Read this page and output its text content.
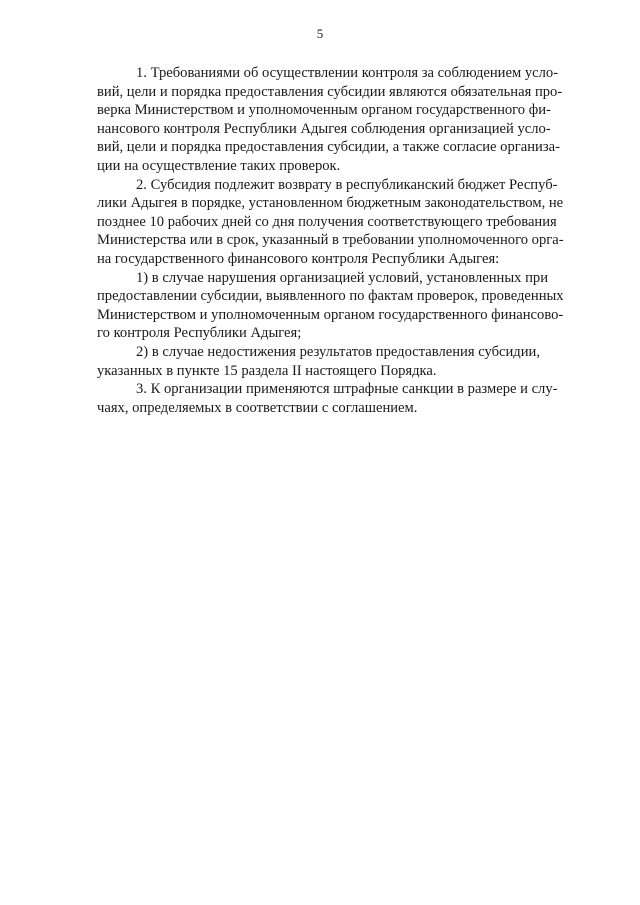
5
1. Требованиями об осуществлении контроля за соблюдением усло-
вий, цели и порядка предоставления субсидии являются обязательная про-
верка Министерством и уполномоченным органом государственного фи-
нансового контроля Республики Адыгея соблюдения организацией усло-
вий, цели и порядка предоставления субсидии, а также согласие организа-
ции на осуществление таких проверок.
2. Субсидия подлежит возврату в республиканский бюджет Респуб-
лики Адыгея в порядке, установленном бюджетным законодательством, не
позднее 10 рабочих дней со дня получения соответствующего требования
Министерства или в срок, указанный в требовании уполномоченного орга-
на государственного финансового контроля Республики Адыгея:
1) в случае нарушения организацией условий, установленных при
предоставлении субсидии, выявленного по фактам проверок, проведенных
Министерством и уполномоченным органом государственного финансово-
го контроля Республики Адыгея;
2) в случае недостижения результатов предоставления субсидии,
указанных в пункте 15 раздела II настоящего Порядка.
3. К организации применяются штрафные санкции в размере и слу-
чаях, определяемых в соответствии с соглашением.
